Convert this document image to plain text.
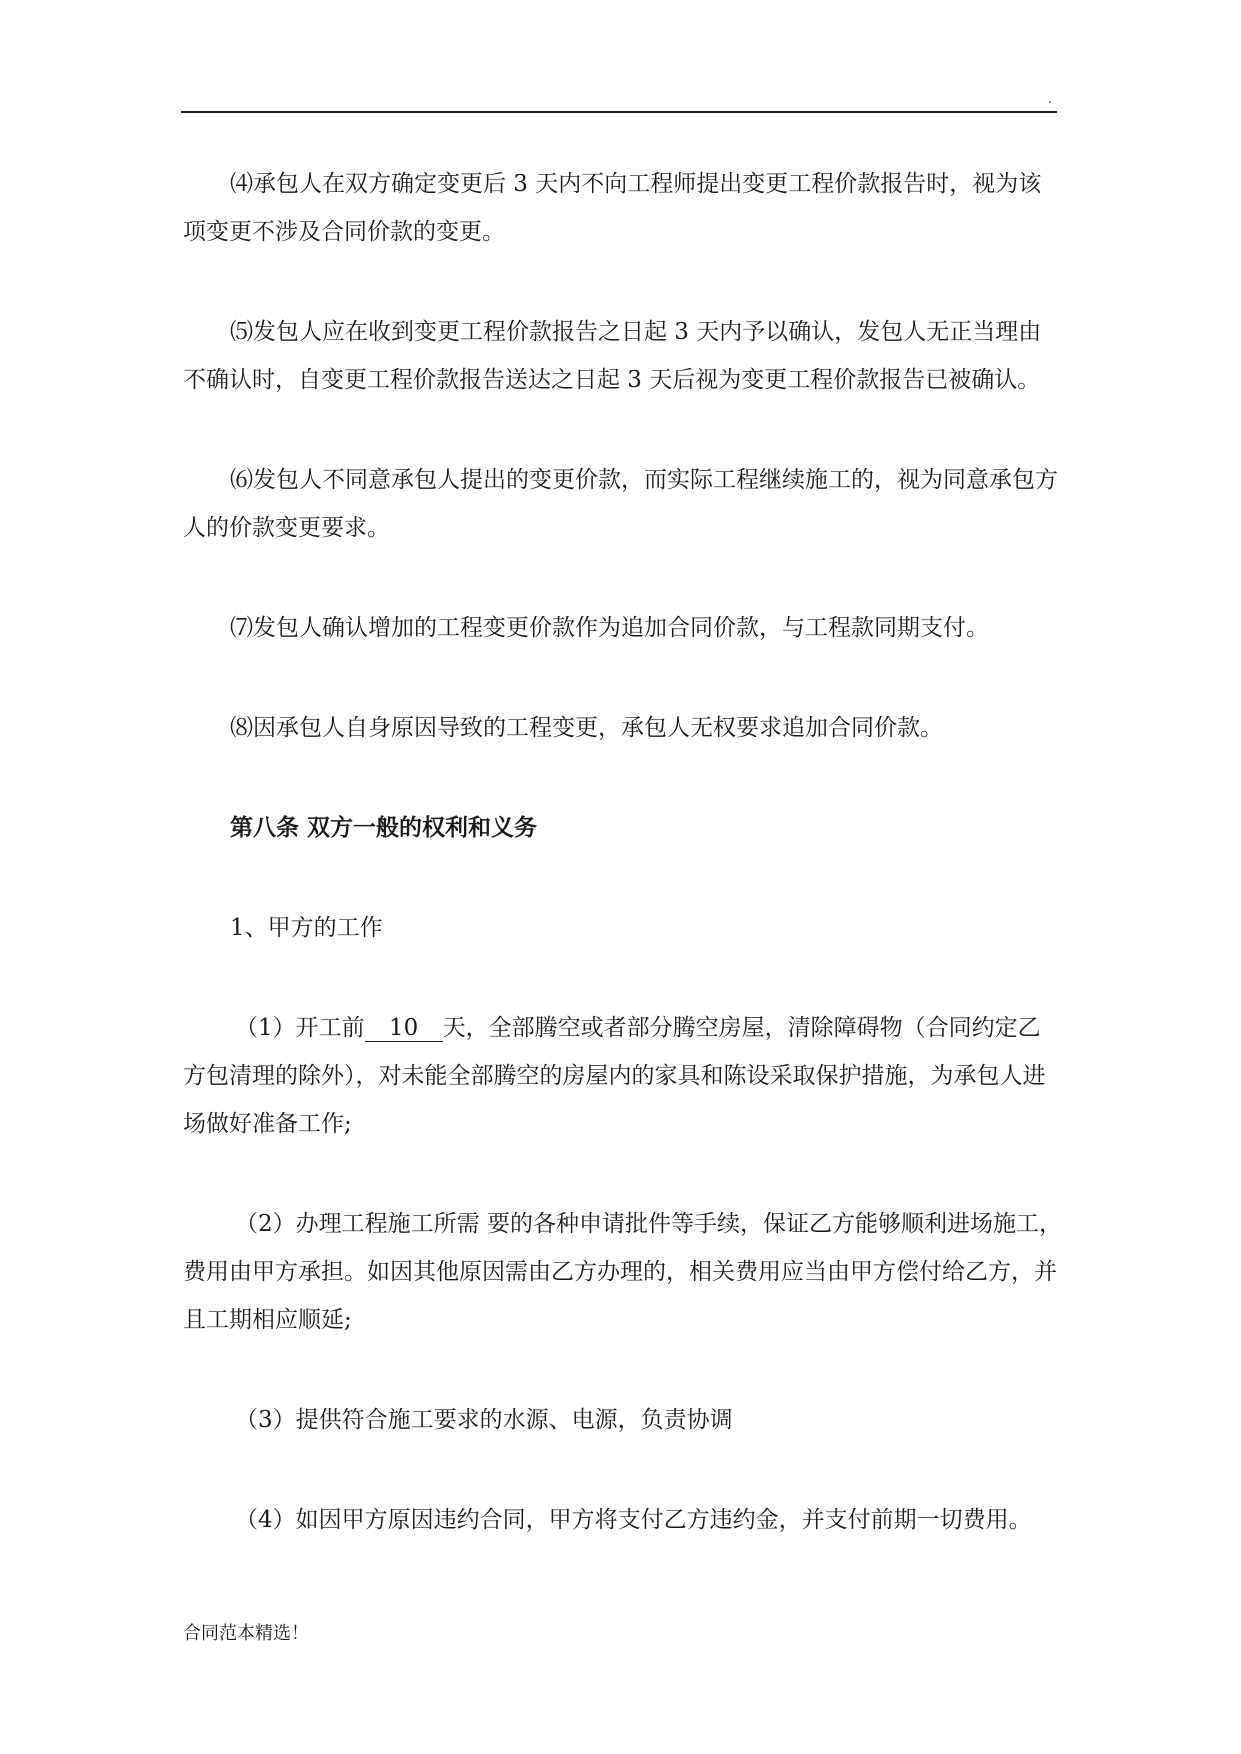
.

⑷承包人在双方确定变更后 3 天内不向工程师提出变更工程价款报告时，视为该项变更不涉及合同价款的变更。

⑸发包人应在收到变更工程价款报告之日起 3 天内予以确认，发包人无正当理由不确认时，自变更工程价款报告送达之日起 3 天后视为变更工程价款报告已被确认。

⑹发包人不同意承包人提出的变更价款，而实际工程继续施工的，视为同意承包方人的价款变更要求。

⑺发包人确认增加的工程变更价款作为追加合同价款，与工程款同期支付。

⑻因承包人自身原因导致的工程变更，承包人无权要求追加合同价款。

第八条 双方一般的权利和义务

1、甲方的工作

（1）开工前 10 天，全部腾空或者部分腾空房屋，清除障碍物（合同约定乙方包清理的除外），对未能全部腾空的房屋内的家具和陈设采取保护措施，为承包人进场做好准备工作;

（2）办理工程施工所需 要的各种申请批件等手续，保证乙方能够顺利进场施工，费用由甲方承担。如因其他原因需由乙方办理的，相关费用应当由甲方偿付给乙方，并且工期相应顺延;

（3）提供符合施工要求的水源、电源，负责协调

（4）如因甲方原因违约合同，甲方将支付乙方违约金，并支付前期一切费用。

合同范本精选！
